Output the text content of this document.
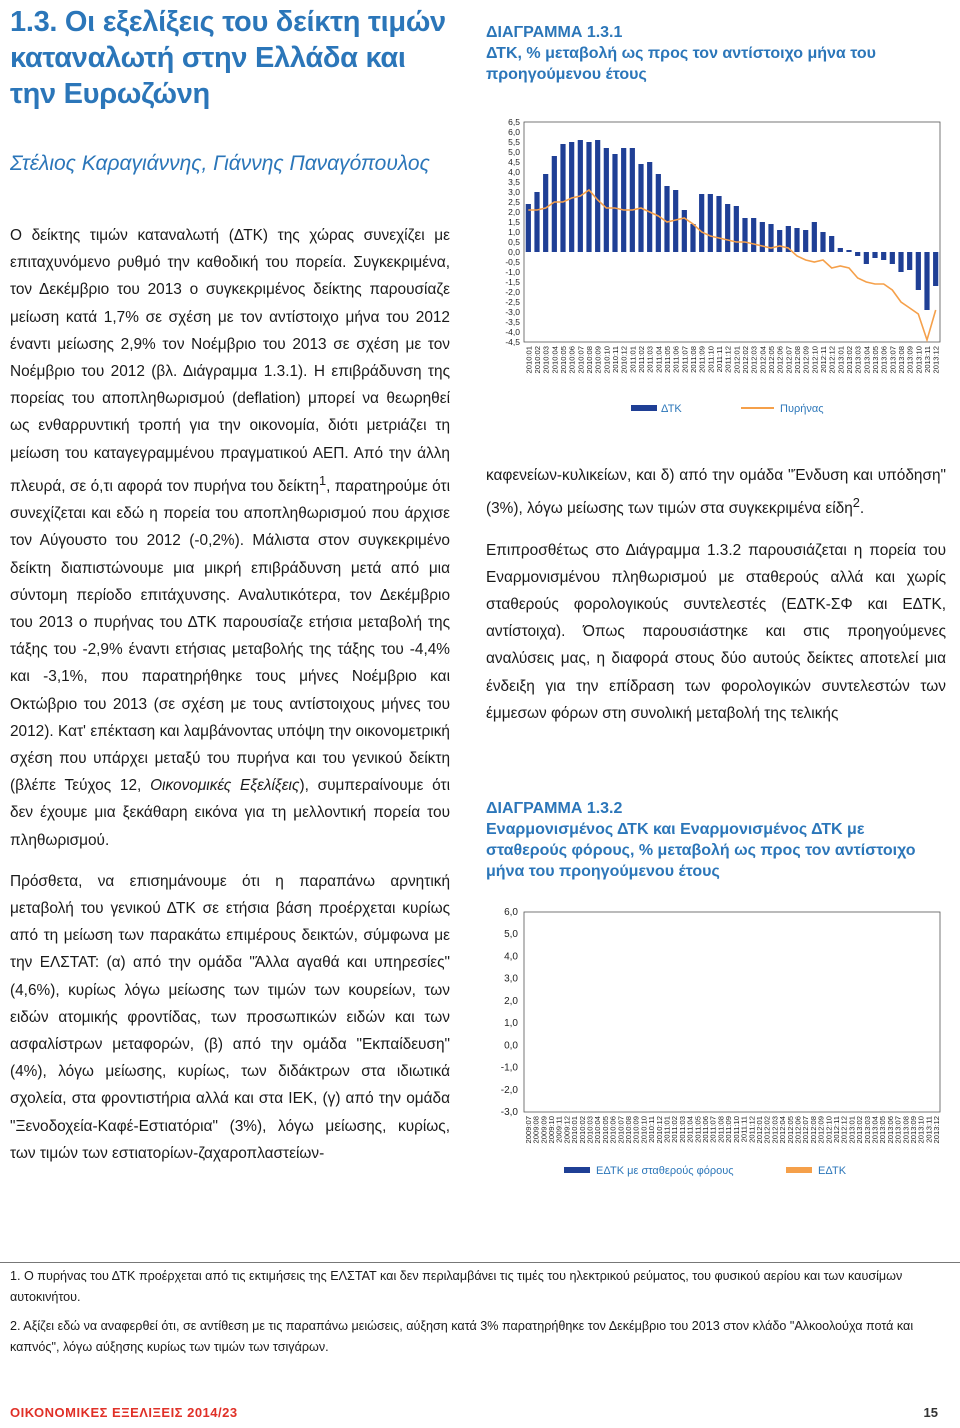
1.3. Οι εξελίξεις του δείκτη τιμών καταναλωτή στην Ελλάδα και την Ευρωζώνη
Στέλιος Καραγιάννης, Γιάννης Παναγόπουλος

Ο δείκτης τιμών καταναλωτή (ΔΤΚ) της χώρας συνεχίζει με επιταχυνόμενο ρυθμό την καθοδική του πορεία. Συγκεκριμένα, τον Δεκέμβριο του 2013 ο συγκεκριμένος δείκτης παρουσίαζε μείωση κατά 1,7% σε σχέση με τον αντίστοιχο μήνα του 2012 έναντι μείωσης 2,9% τον Νοέμβριο του 2013 σε σχέση με τον Νοέμβριο του 2012 (βλ. Διάγραμμα 1.3.1). Η επιβράδυνση της πορείας του αποπληθωρισμού (deflation) μπορεί να θεωρηθεί ως ενθαρρυντική τροπή για την οικονομία, διότι μετριάζει τη μείωση του καταγεγραμμένου πραγματικού ΑΕΠ. Από την άλλη πλευρά, σε ό,τι αφορά τον πυρήνα του δείκτη$^1$, παρατηρούμε ότι συνεχίζεται και εδώ η πορεία του αποπληθωρισμού που άρχισε τον Αύγουστο του 2012 (-0,2%). Μάλιστα στον συγκεκριμένο δείκτη διαπιστώνουμε μια μικρή επιβράδυνση μετά από μια σύντομη περίοδο επιτάχυνσης. Αναλυτικότερα, τον Δεκέμβριο του 2013 ο πυρήνας του ΔΤΚ παρουσίαζε ετήσια μεταβολή της τάξης του -2,9% έναντι ετήσιας μεταβολής της τάξης του -4,4% και -3,1%, που παρατηρήθηκε τους μήνες Νοέμβριο και Οκτώβριο του 2013 (σε σχέση με τους αντίστοιχους μήνες του 2012). Κατ' επέκταση και λαμβάνοντας υπόψη την οικονομετρική σχέση που υπάρχει μεταξύ του πυρήνα και του γενικού δείκτη (βλέπε Τεύχος 12, Οικονομικές Εξελίξεις), συμπεραίνουμε ότι δεν έχουμε μια ξεκάθαρη εικόνα για τη μελλοντική πορεία του πληθωρισμού.

Πρόσθετα, να επισημάνουμε ότι η παραπάνω αρνητική μεταβολή του γενικού ΔΤΚ σε ετήσια βάση προέρχεται κυρίως από τη μείωση των παρακάτω επιμέρους δεικτών, σύμφωνα με την ΕΛΣΤΑΤ: (α) από την ομάδα "Άλλα αγαθά και υπηρεσίες" (4,6%), κυρίως λόγω μείωσης των τιμών των κουρείων, των ειδών ατομικής φροντίδας, των προσωπικών ειδών και των ασφαλίστρων μεταφορών, (β) από την ομάδα "Εκπαίδευση" (4%), λόγω μείωσης, κυρίως, των διδάκτρων στα ιδιωτικά σχολεία, στα φροντιστήρια αλλά και στα ΙΕΚ, (γ) από την ομάδα "Ξενοδοχεία-Καφέ-Εστιατόρια" (3%), λόγω μείωσης, κυρίως, των τιμών των εστιατορίων-ζαχαροπλαστείων-

ΔΙΑΓΡΑΜΜΑ 1.3.1
ΔΤΚ, % μεταβολή ως προς τον αντίστοιχο μήνα του προηγούμενου έτους
6,5
6,0
5,5
5,0
4,5
4,0
3,5
3,0
2,5
2,0
1,5
1,0
0,5
0,0
-0,5
-1,0
-1,5
-2,0
-2,5
-3,0
-3,5
-4,0
-4,5
2010:01 2010:02 2010:03 2010:04 2010:05 2010:06 2010:07 2010:08 2010:09 2010:10 2010:11 2010:12 2011:01 2011:02 2011:03 2011:04 2011:05 2011:06 2011:07 2011:08 2011:09 2011:10 2011:11 2011:12 2012:01 2012:02 2012:03 2012:04 2012:05 2012:06 2012:07 2012:08 2012:09 2012:10 2012:11 2012:12 2013:01 2013:02 2013:03 2013:04 2013:05 2013:06 2013:07 2013:08 2013:09 2013:10 2013:11 2013:12
ΔΤΚ	Πυρήνας

καφενείων-κυλικείων, και δ) από την ομάδα "Ένδυση και υπόδηση" (3%), λόγω μείωσης των τιμών στα συγκεκριμένα είδη$^2$.

Επιπροσθέτως στο Διάγραμμα 1.3.2 παρουσιάζεται η πορεία του Εναρμονισμένου πληθωρισμού με σταθερούς αλλά και χωρίς σταθερούς φορολογικούς συντελεστές (ΕΔΤΚ-ΣΦ και ΕΔΤΚ, αντίστοιχα). Όπως παρουσιάστηκε και στις προηγούμενες αναλύσεις μας, η διαφορά στους δύο αυτούς δείκτες αποτελεί μια ένδειξη για την επίδραση των φορολογικών συντελεστών των έμμεσων φόρων στη συνολική μεταβολή της τελικής

ΔΙΑΓΡΑΜΜΑ 1.3.2
Εναρμονισμένος ΔΤΚ και Εναρμονισμένος ΔΤΚ με σταθερούς φόρους, % μεταβολή ως προς τον αντίστοιχο μήνα του προηγούμενου έτους
6,0
5,0
4,0
3,0
2,0
1,0
0,0
-1,0
-2,0
-3,0
2009:07
2009:08
2009:09
2009:10
2009:11
2009:12
2010:01
2010:02
2010:03
2010:04
2010:05
2010:06
2010:07
2010:08
2010:09
2010:10
2010:11
2010:12
2011:01
2011:02
2011:03
2011:04
2011:05
2011:06
2011:07
2011:08
2011:09
2011:10
2011:11
2011:12
2012:01
2012:02
2012:03
2012:04
2012:05
2012:06
2012:07
2012:08
2012:09
2012:10
2012:11
2012:12
2013:01
2013:02
2013:03
2013:04
2013:05
2013:06
2013:07
2013:08
2013:09
2013:10
2013:11
2013:12
ΕΔΤΚ με σταθερούς φόρους	ΕΔΤΚ

1. Ο πυρήνας του ΔΤΚ προέρχεται από τις εκτιμήσεις της ΕΛΣΤΑΤ και δεν περιλαμβάνει τις τιμές του ηλεκτρικού ρεύματος, του φυσικού αερίου και των καυσίμων αυτοκινήτου.

2. Αξίζει εδώ να αναφερθεί ότι, σε αντίθεση με τις παραπάνω μειώσεις, αύξηση κατά 3% παρατηρήθηκε τον Δεκέμβριο του 2013 στον κλάδο "Αλκοολούχα ποτά και καπνός", λόγω αύξησης κυρίως των τιμών των τσιγάρων.

ΟΙΚΟΝΟΜΙΚΕΣ ΕΞΕΛΙΞΕΙΣ 2014/23	15
